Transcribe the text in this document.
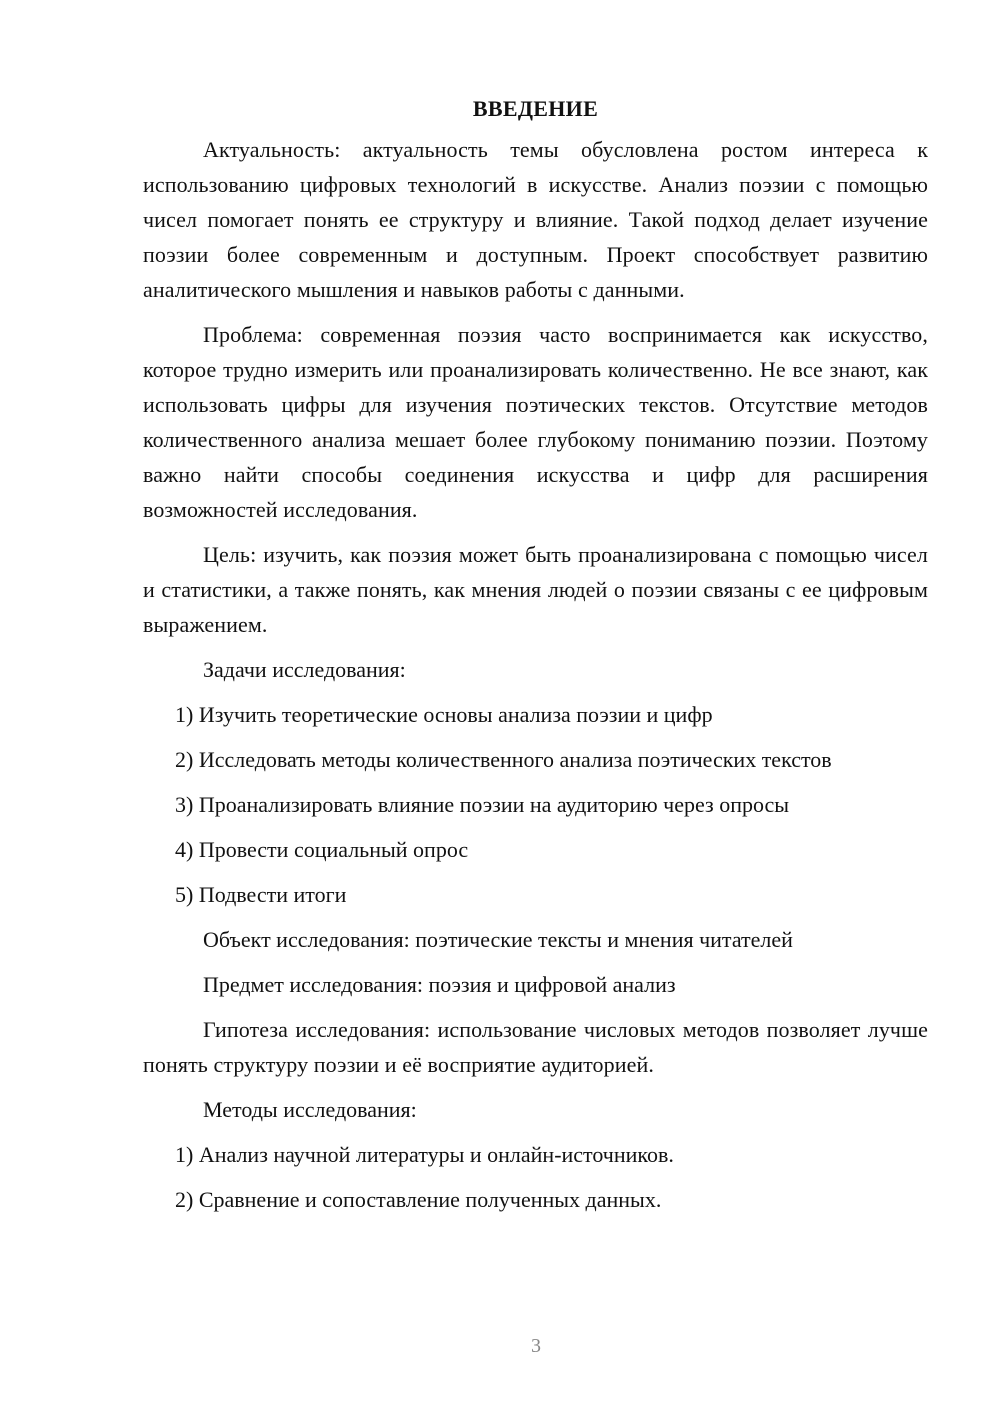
ВВЕДЕНИЕ

Актуальность: актуальность темы обусловлена ростом интереса к использованию цифровых технологий в искусстве. Анализ поэзии с помощью чисел помогает понять ее структуру и влияние. Такой подход делает изучение поэзии более современным и доступным. Проект способствует развитию аналитического мышления и навыков работы с данными.

Проблема: современная поэзия часто воспринимается как искусство, которое трудно измерить или проанализировать количественно. Не все знают, как использовать цифры для изучения поэтических текстов. Отсутствие методов количественного анализа мешает более глубокому пониманию поэзии. Поэтому важно найти способы соединения искусства и цифр для расширения возможностей исследования.

Цель: изучить, как поэзия может быть проанализирована с помощью чисел и статистики, а также понять, как мнения людей о поэзии связаны с ее цифровым выражением.

Задачи исследования:

1) Изучить теоретические основы анализа поэзии и цифр

2) Исследовать методы количественного анализа поэтических текстов

3) Проанализировать влияние поэзии на аудиторию через опросы

4) Провести социальный опрос

5) Подвести итоги

Объект исследования: поэтические тексты и мнения читателей

Предмет исследования: поэзия и цифровой анализ

Гипотеза исследования: использование числовых методов позволяет лучше понять структуру поэзии и её восприятие аудиторией.

Методы исследования:

1) Анализ научной литературы и онлайн-источников.

2) Сравнение и сопоставление полученных данных.

3
